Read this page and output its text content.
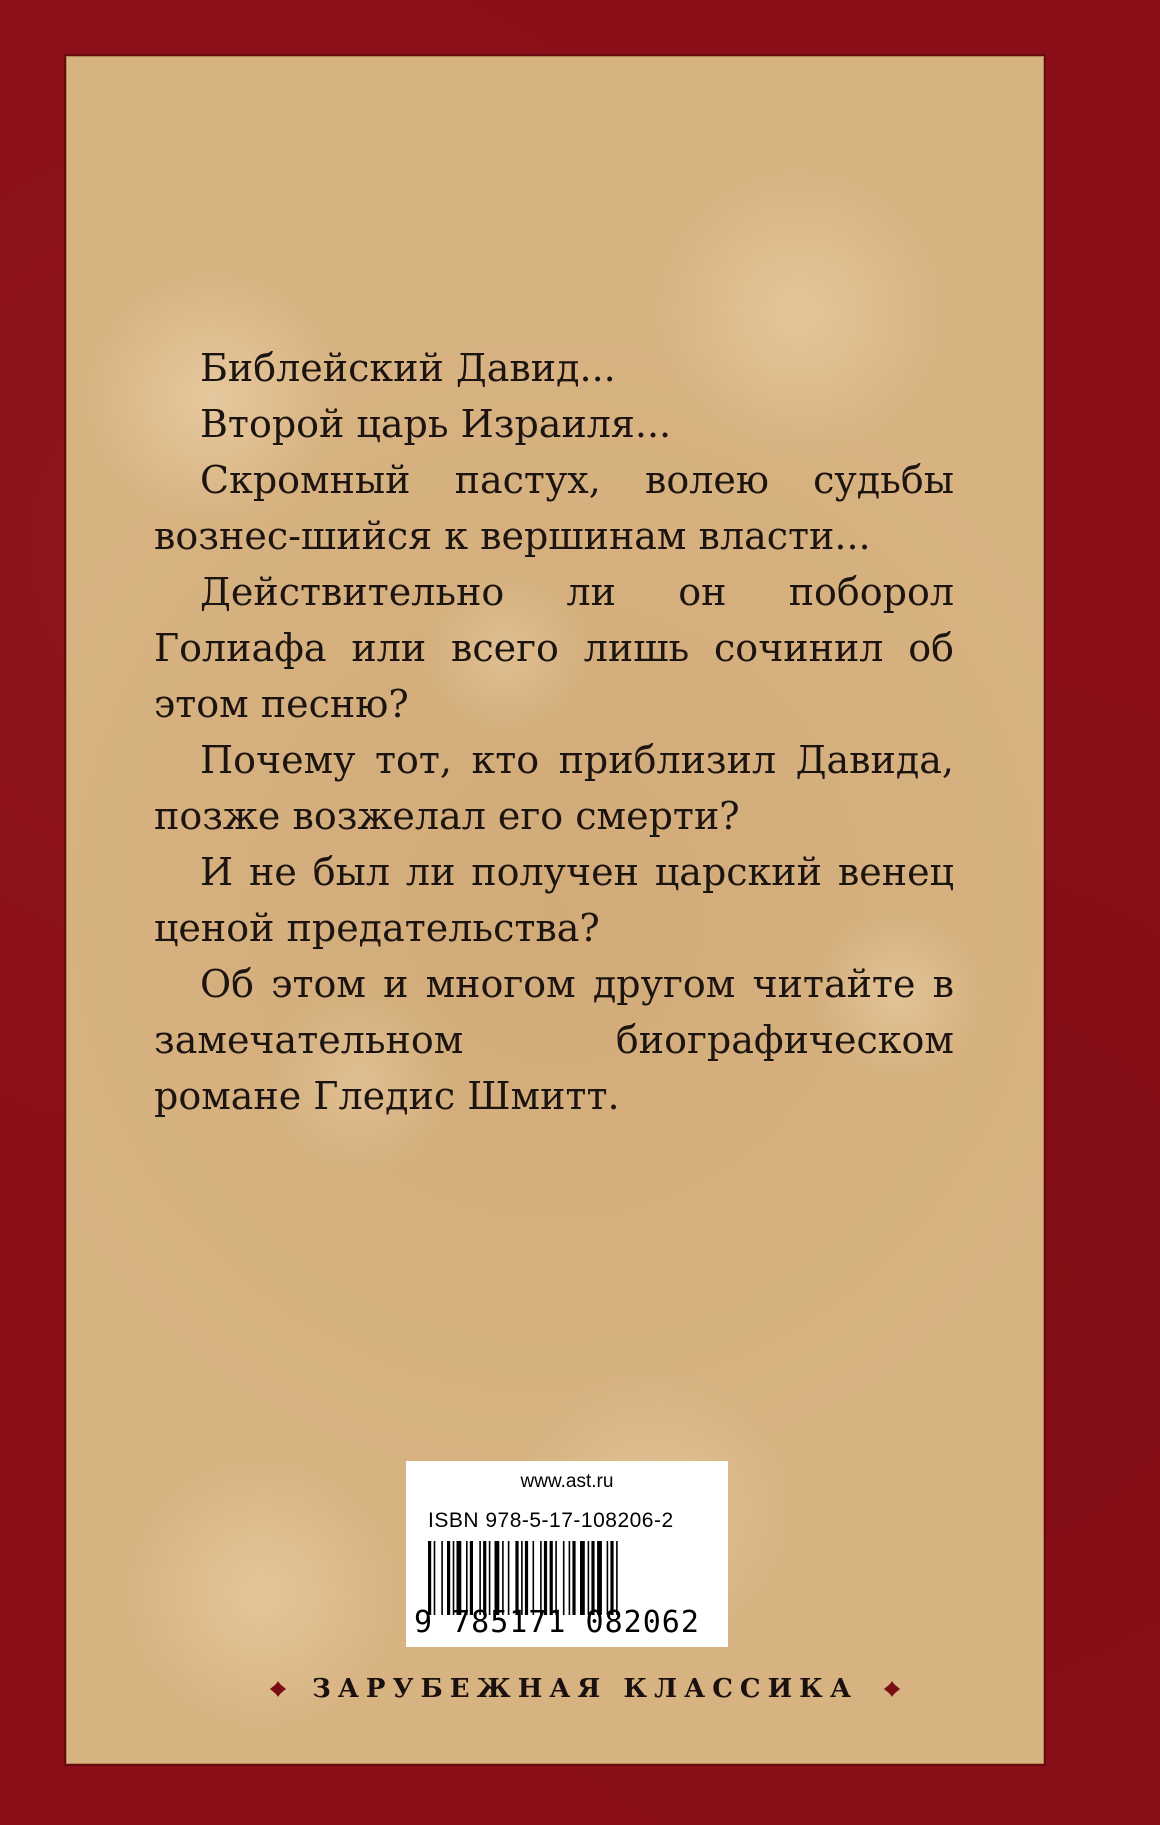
Библейский Давид...

Второй царь Израиля...

Скромный пастух, волею судьбы вознес-шийся к вершинам власти...

Действительно ли он поборол Голиафа или всего лишь сочинил об этом песню?

Почему тот, кто приблизил Давида, позже возжелал его смерти?

И не был ли получен царский венец ценой предательства?

Об этом и многом другом читайте в замечательном биографическом романе Гледис Шмитт.

www.ast.ru
ISBN 978-5-17-108206-2
9 785171 082062
ЗАРУБЕЖНАЯ КЛАССИКА
